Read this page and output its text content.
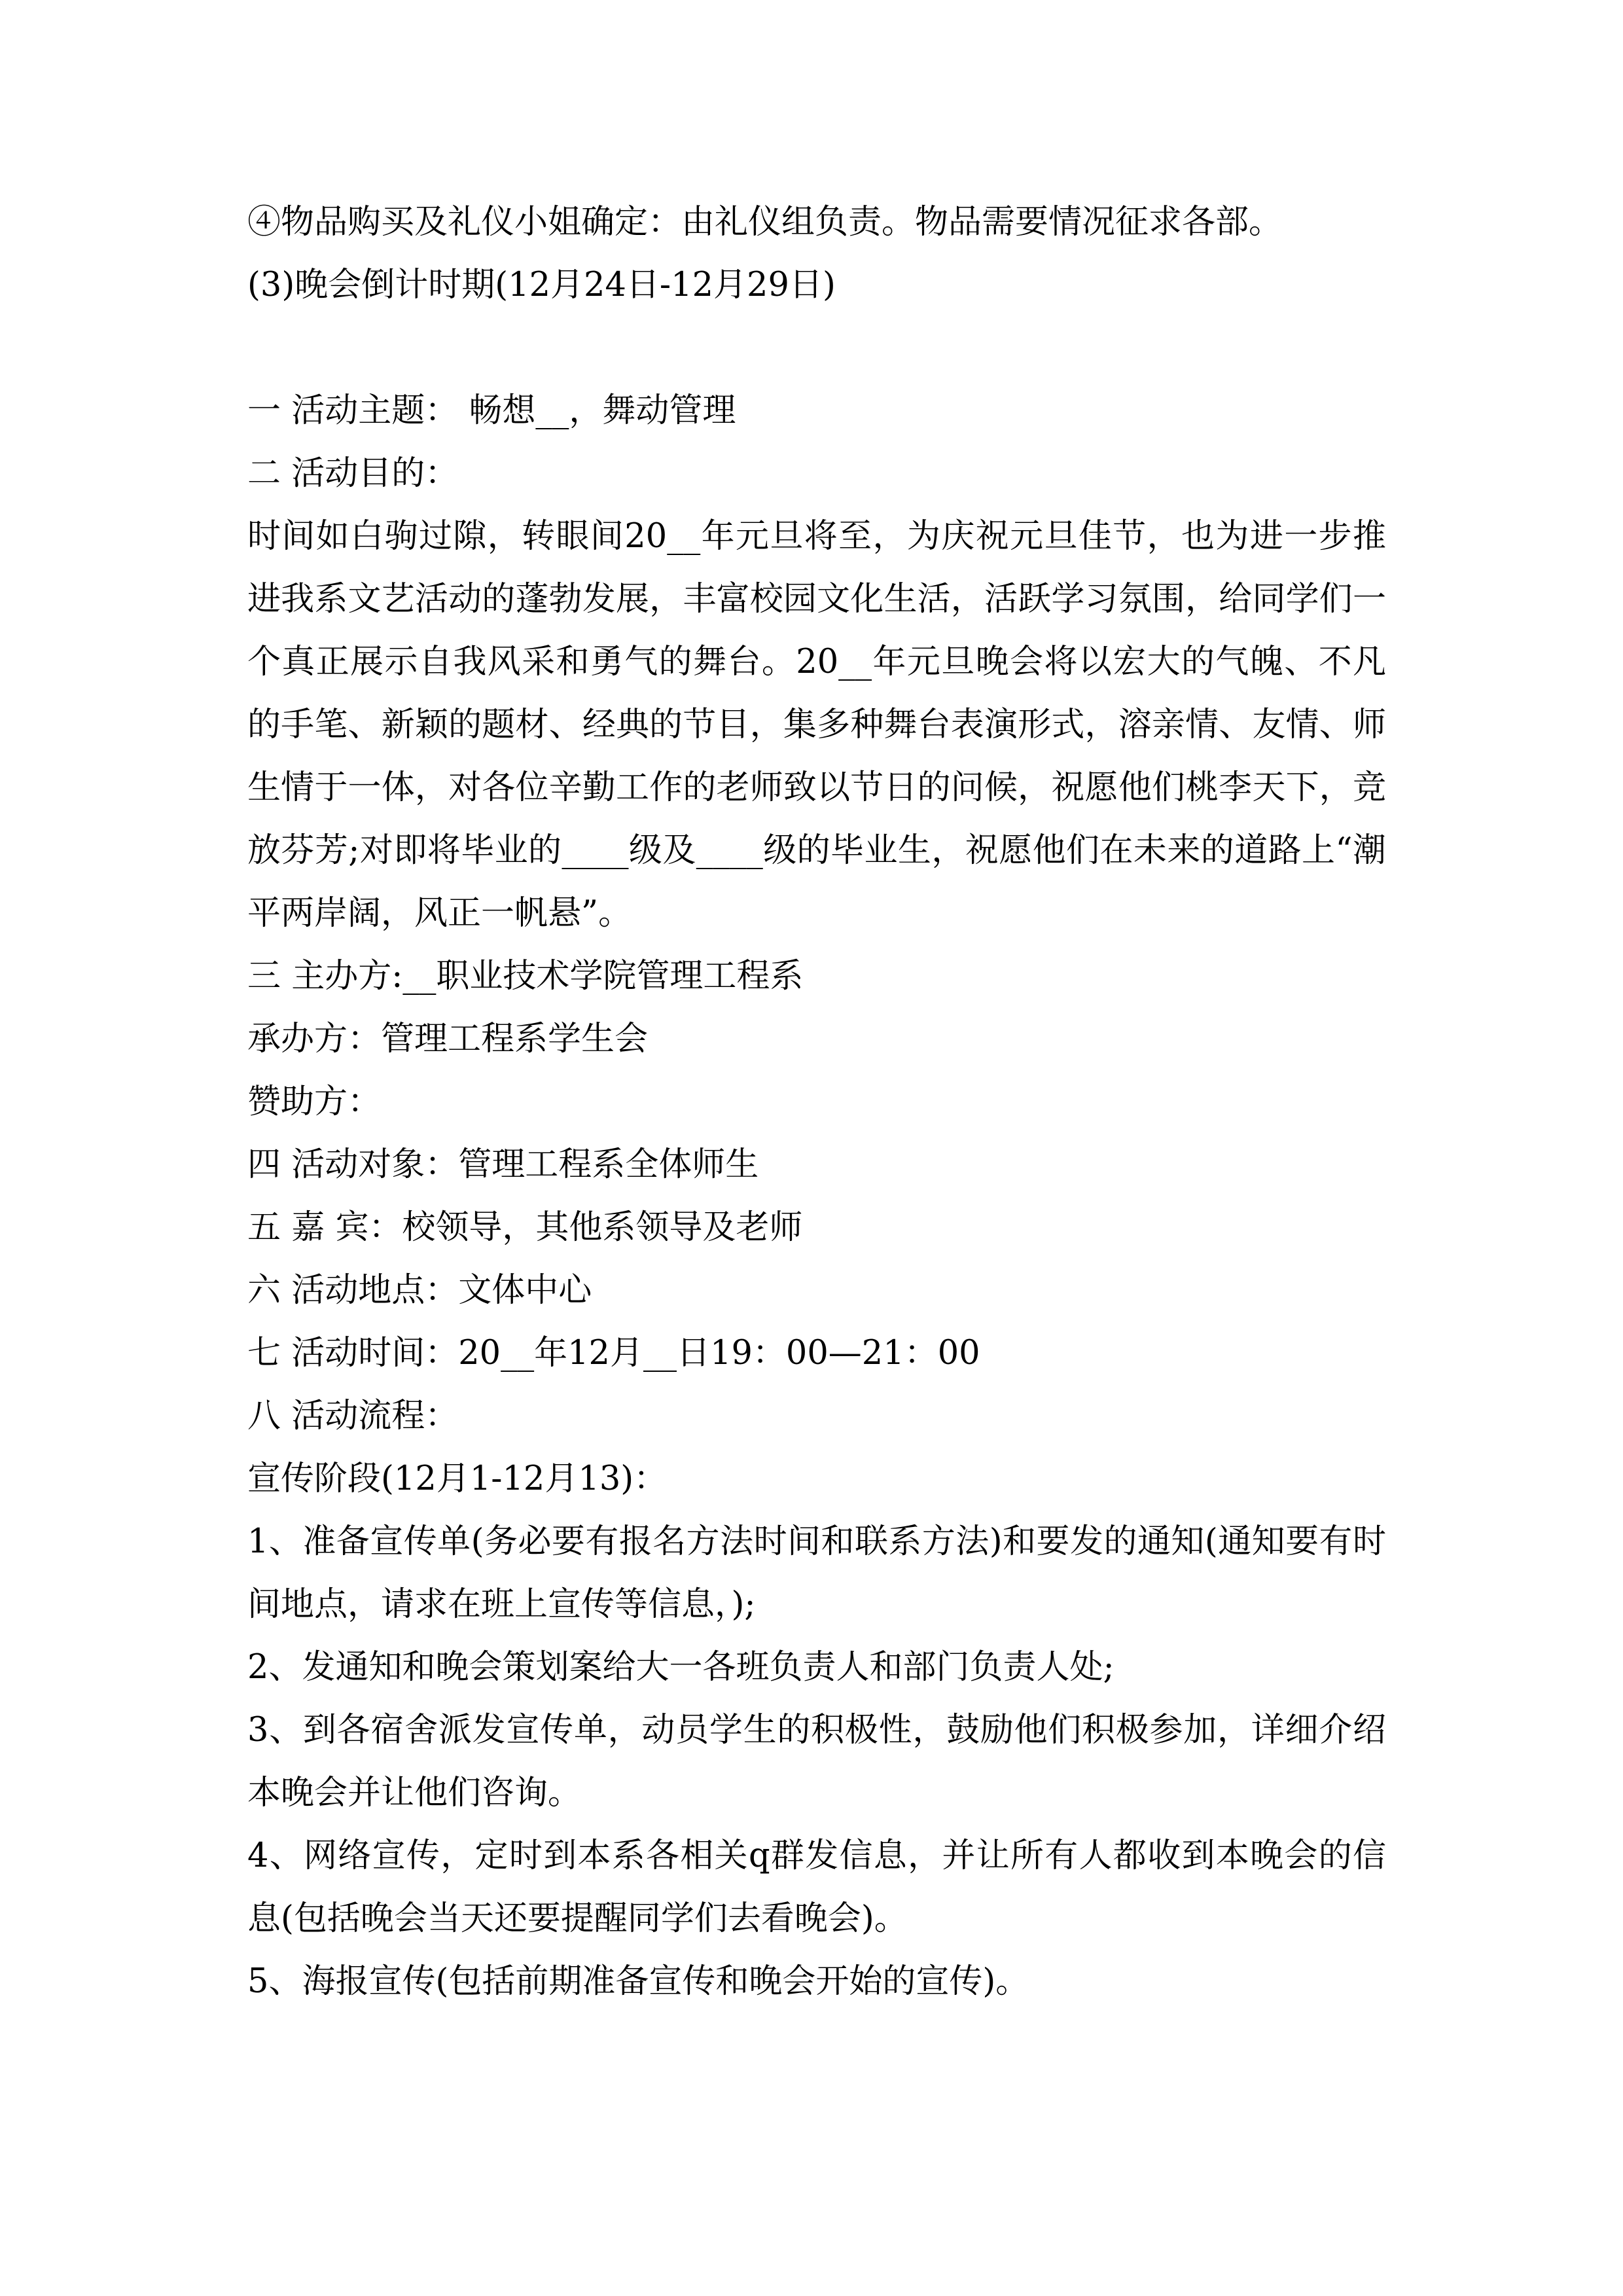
④物品购买及礼仪小姐确定：由礼仪组负责。物品需要情况征求各部。

(3)晚会倒计时期(12月24日-12月29日)

一 活动主题： 畅想__，舞动管理

二 活动目的：

时间如白驹过隙，转眼间20__年元旦将至，为庆祝元旦佳节，也为进一步推进我系文艺活动的蓬勃发展，丰富校园文化生活，活跃学习氛围，给同学们一个真正展示自我风采和勇气的舞台。20__年元旦晚会将以宏大的气魄、不凡的手笔、新颖的题材、经典的节目，集多种舞台表演形式，溶亲情、友情、师生情于一体，对各位辛勤工作的老师致以节日的问候，祝愿他们桃李天下，竞放芬芳;对即将毕业的____级及____级的毕业生，祝愿他们在未来的道路上“潮平两岸阔，风正一帆悬”。

三 主办方:__职业技术学院管理工程系

承办方：管理工程系学生会

赞助方：

四 活动对象：管理工程系全体师生

五 嘉 宾：校领导，其他系领导及老师

六 活动地点：文体中心

七 活动时间：20__年12月__日19：00—21：00

八 活动流程：

宣传阶段(12月1-12月13)：

1、准备宣传单(务必要有报名方法时间和联系方法)和要发的通知(通知要有时间地点，请求在班上宣传等信息，);

2、发通知和晚会策划案给大一各班负责人和部门负责人处;

3、到各宿舍派发宣传单，动员学生的积极性，鼓励他们积极参加，详细介绍本晚会并让他们咨询。

4、网络宣传，定时到本系各相关q群发信息，并让所有人都收到本晚会的信息(包括晚会当天还要提醒同学们去看晚会)。

5、海报宣传(包括前期准备宣传和晚会开始的宣传)。
